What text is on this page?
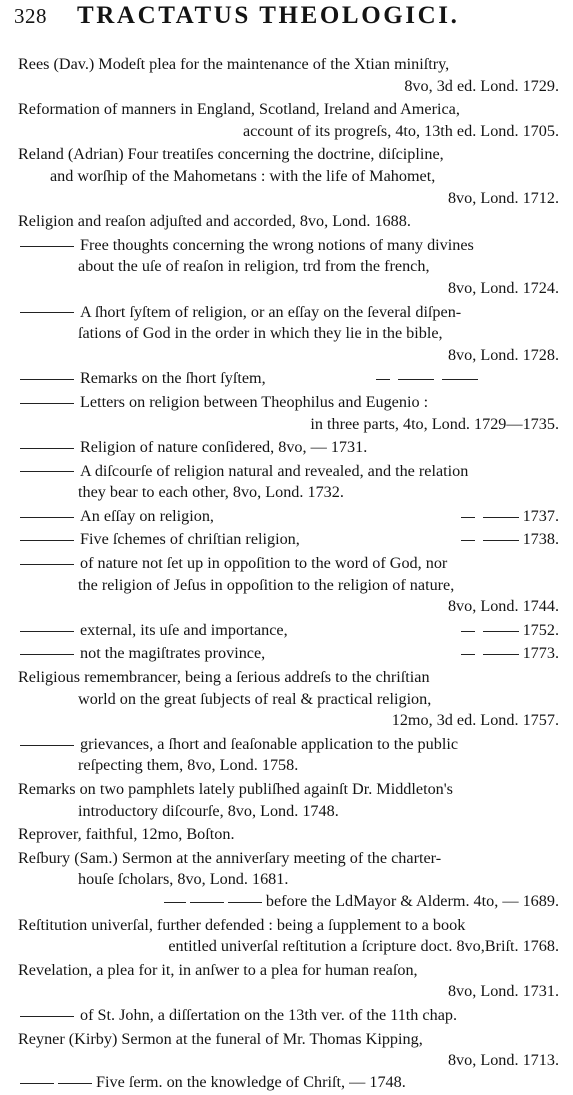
328 TRACTATUS THEOLOGICI.
Rees (Dav.) Modeſt plea for the maintenance of the Xtian miniſtry,
8vo, 3d ed. Lond. 1729.
Reformation of manners in England, Scotland, Ireland and America,
account of its progreſs, 4to, 13th ed. Lond. 1705.
Reland (Adrian) Four treatiſes concerning the doctrine, diſcipline,
and worſhip of the Mahometans : with the life of Mahomet,
8vo, Lond. 1712.
Religion and reaſon adjuſted and accorded, 8vo, Lond. 1688.
Free thoughts concerning the wrong notions of many divines
about the uſe of reaſon in religion, trd from the french,
8vo, Lond. 1724.
A ſhort ſyſtem of religion, or an eſſay on the ſeveral diſpen-
ſations of God in the order in which they lie in the bible,
8vo, Lond. 1728.
Remarks on the ſhort ſyſtem,
Letters on religion between Theophilus and Eugenio :
in three parts, 4to, Lond. 1729—1735.
Religion of nature conſidered, 8vo, — 1731.
A diſcourſe of religion natural and revealed, and the relation
they bear to each other, 8vo, Lond. 1732.
An eſſay on religion,	1737.
Five ſchemes of chriſtian religion,	1738.
of nature not ſet up in oppoſition to the word of God, nor
the religion of Jeſus in oppoſition to the religion of nature,
8vo, Lond. 1744.
external, its uſe and importance,	1752.
not the magiſtrates province,	1773.
Religious remembrancer, being a ſerious addreſs to the chriſtian
world on the great ſubjects of real & practical religion,
12mo, 3d ed. Lond. 1757.
grievances, a ſhort and ſeaſonable application to the public
reſpecting them, 8vo, Lond. 1758.
Remarks on two pamphlets lately publiſhed againſt Dr. Middleton's
introductory diſcourſe, 8vo, Lond. 1748.
Reprover, faithful, 12mo, Boſton.
Reſbury (Sam.) Sermon at the anniverſary meeting of the charter-
houſe ſcholars, 8vo, Lond. 1681.
before the LdMayor & Alderm. 4to, — 1689.
Reſtitution univerſal, further defended : being a ſupplement to a book
entitled univerſal reſtitution a ſcripture doct. 8vo,Briſt. 1768.
Revelation, a plea for it, in anſwer to a plea for human reaſon,
8vo, Lond. 1731.
of St. John, a diſſertation on the 13th ver. of the 11th chap.
Reyner (Kirby) Sermon at the funeral of Mr. Thomas Kipping,
8vo, Lond. 1713.
Five ſerm. on the knowledge of Chriſt, — 1748.
